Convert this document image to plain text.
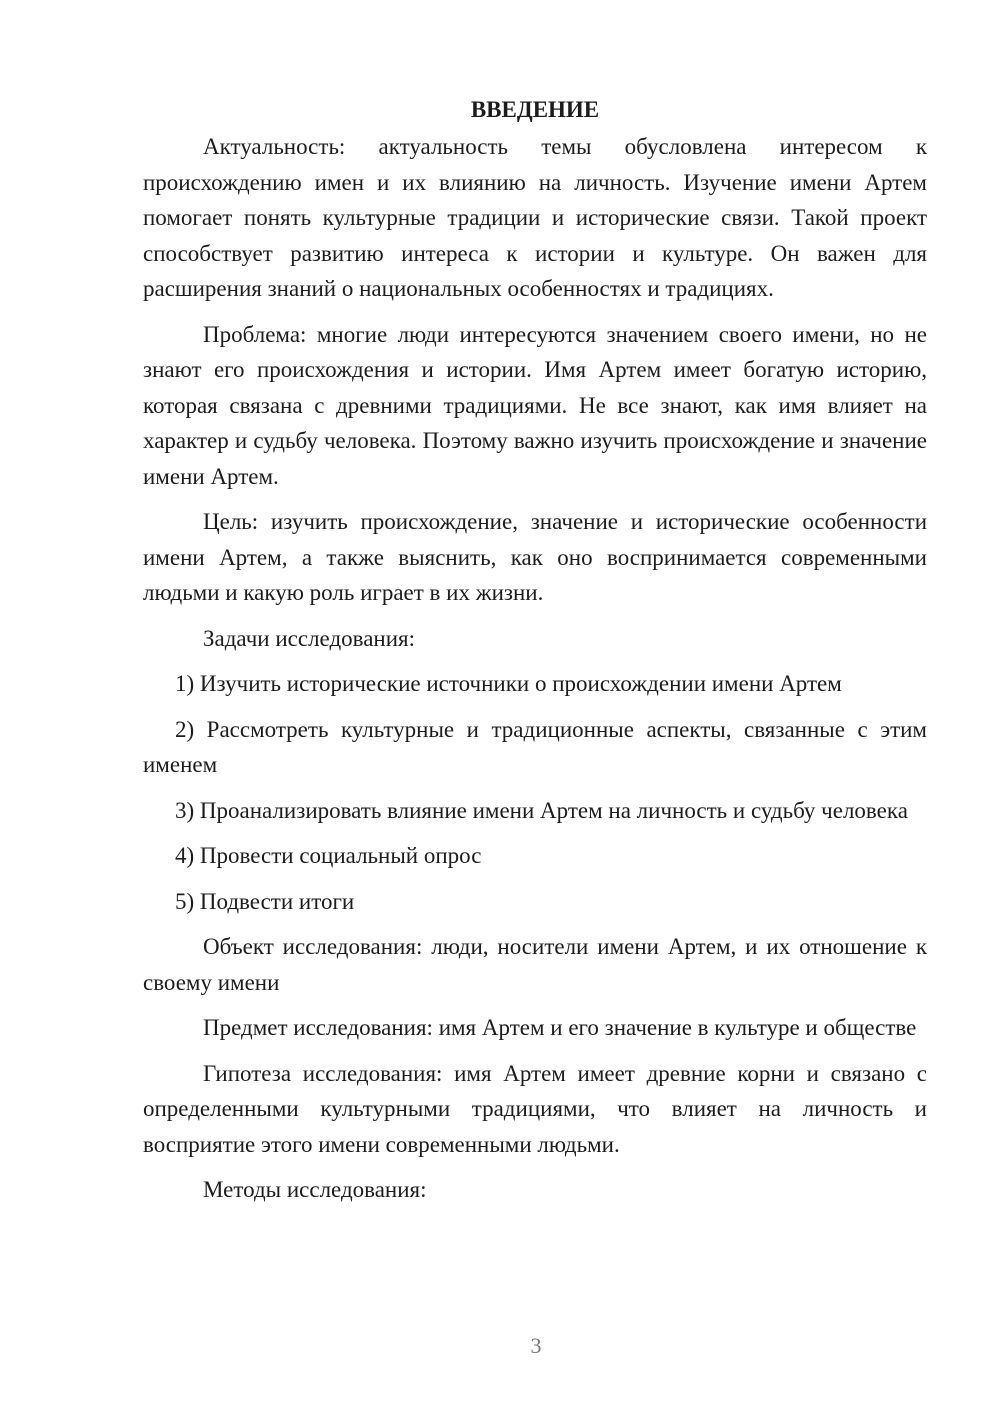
ВВЕДЕНИЕ

Актуальность: актуальность темы обусловлена интересом к происхождению имен и их влиянию на личность. Изучение имени Артем помогает понять культурные традиции и исторические связи. Такой проект способствует развитию интереса к истории и культуре. Он важен для расширения знаний о национальных особенностях и традициях.

Проблема: многие люди интересуются значением своего имени, но не знают его происхождения и истории. Имя Артем имеет богатую историю, которая связана с древними традициями. Не все знают, как имя влияет на характер и судьбу человека. Поэтому важно изучить происхождение и значение имени Артем.

Цель: изучить происхождение, значение и исторические особенности имени Артем, а также выяснить, как оно воспринимается современными людьми и какую роль играет в их жизни.

Задачи исследования:

1) Изучить исторические источники о происхождении имени Артем

2) Рассмотреть культурные и традиционные аспекты, связанные с этим именем

3) Проанализировать влияние имени Артем на личность и судьбу человека

4) Провести социальный опрос

5) Подвести итоги

Объект исследования: люди, носители имени Артем, и их отношение к своему имени

Предмет исследования: имя Артем и его значение в культуре и обществе

Гипотеза исследования: имя Артем имеет древние корни и связано с определенными культурными традициями, что влияет на личность и восприятие этого имени современными людьми.

Методы исследования:

3
